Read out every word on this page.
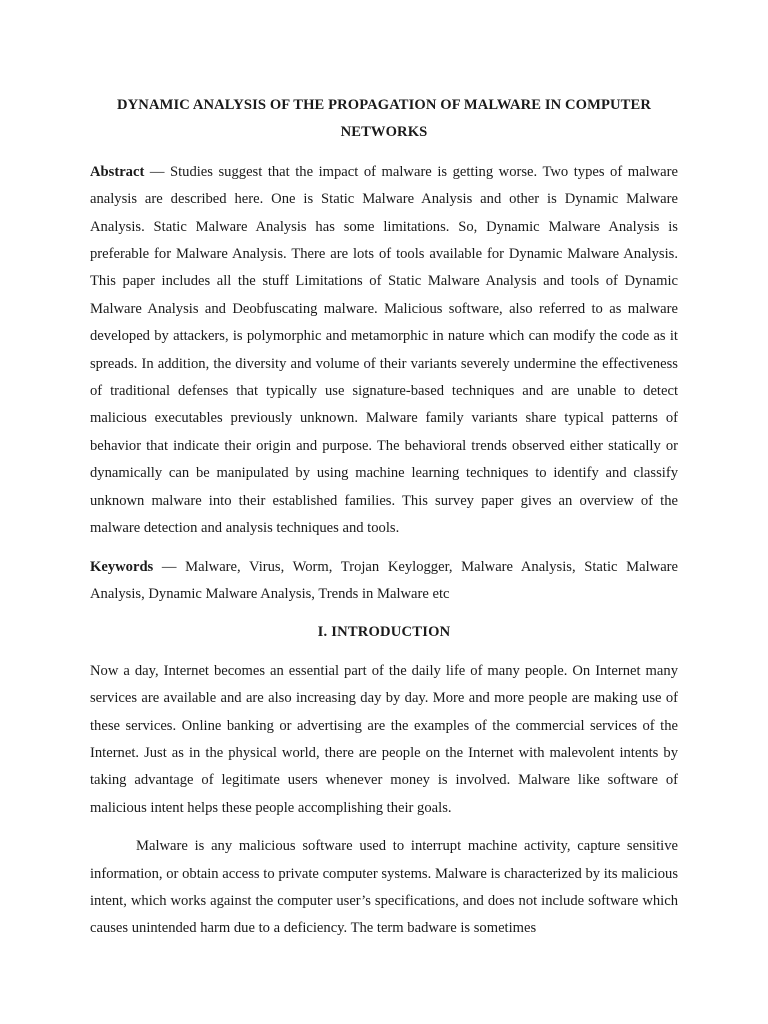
DYNAMIC ANALYSIS OF THE PROPAGATION OF MALWARE IN COMPUTER NETWORKS

Abstract — Studies suggest that the impact of malware is getting worse. Two types of malware analysis are described here. One is Static Malware Analysis and other is Dynamic Malware Analysis. Static Malware Analysis has some limitations. So, Dynamic Malware Analysis is preferable for Malware Analysis. There are lots of tools available for Dynamic Malware Analysis. This paper includes all the stuff Limitations of Static Malware Analysis and tools of Dynamic Malware Analysis and Deobfuscating malware. Malicious software, also referred to as malware developed by attackers, is polymorphic and metamorphic in nature which can modify the code as it spreads. In addition, the diversity and volume of their variants severely undermine the effectiveness of traditional defenses that typically use signature-based techniques and are unable to detect malicious executables previously unknown. Malware family variants share typical patterns of behavior that indicate their origin and purpose. The behavioral trends observed either statically or dynamically can be manipulated by using machine learning techniques to identify and classify unknown malware into their established families. This survey paper gives an overview of the malware detection and analysis techniques and tools.

Keywords — Malware, Virus, Worm, Trojan Keylogger, Malware Analysis, Static Malware Analysis, Dynamic Malware Analysis, Trends in Malware etc

I. INTRODUCTION

Now a day, Internet becomes an essential part of the daily life of many people. On Internet many services are available and are also increasing day by day. More and more people are making use of these services. Online banking or advertising are the examples of the commercial services of the Internet. Just as in the physical world, there are people on the Internet with malevolent intents by taking advantage of legitimate users whenever money is involved. Malware like software of malicious intent helps these people accomplishing their goals.

Malware is any malicious software used to interrupt machine activity, capture sensitive information, or obtain access to private computer systems. Malware is characterized by its malicious intent, which works against the computer user’s specifications, and does not include software which causes unintended harm due to a deficiency. The term badware is sometimes
